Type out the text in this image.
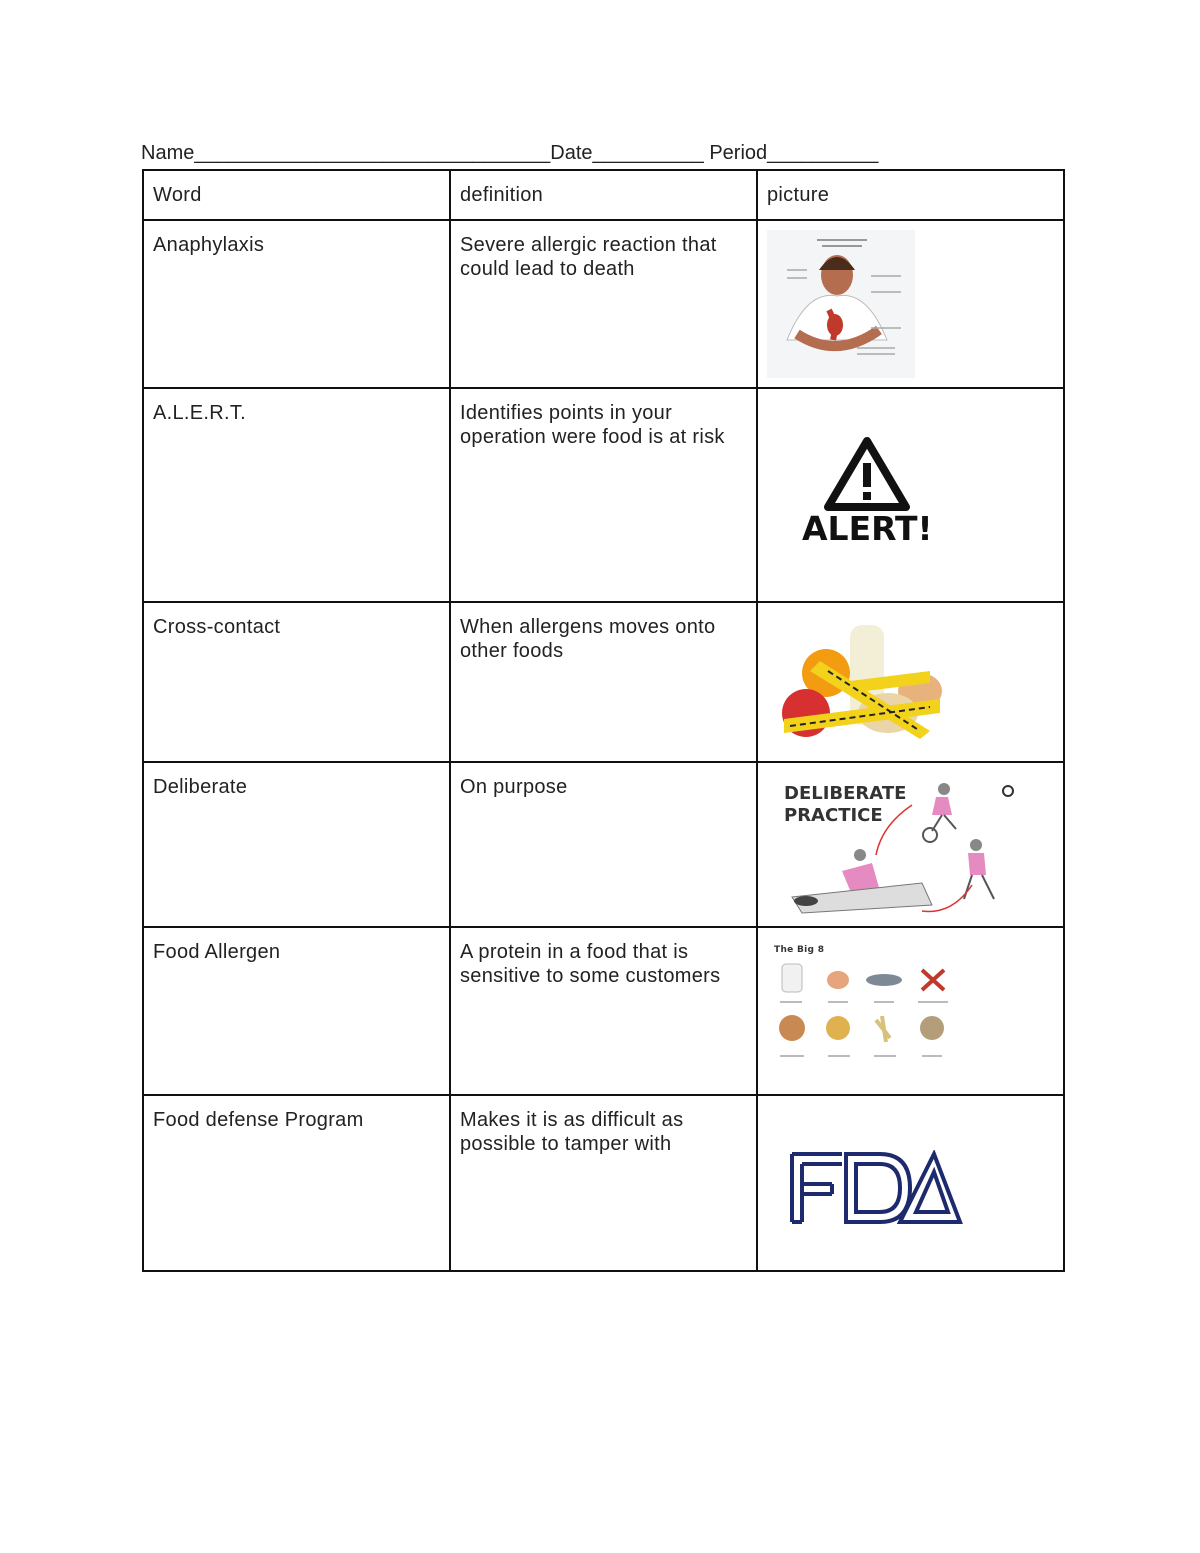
Name________________________________Date__________ Period__________
Word	definition	picture
Anaphylaxis	Severe allergic reaction that could lead to death	

A.L.E.R.T.	Identifies points in your operation were food is at risk	ALERT!

Cross-contact	When allergens moves onto other foods	

Deliberate	On purpose	DELIBERATE
PRACTICE

Food Allergen	A protein in a food that is sensitive to some customers	The Big 8

Food defense Program	Makes it is as difficult as possible to tamper with	
